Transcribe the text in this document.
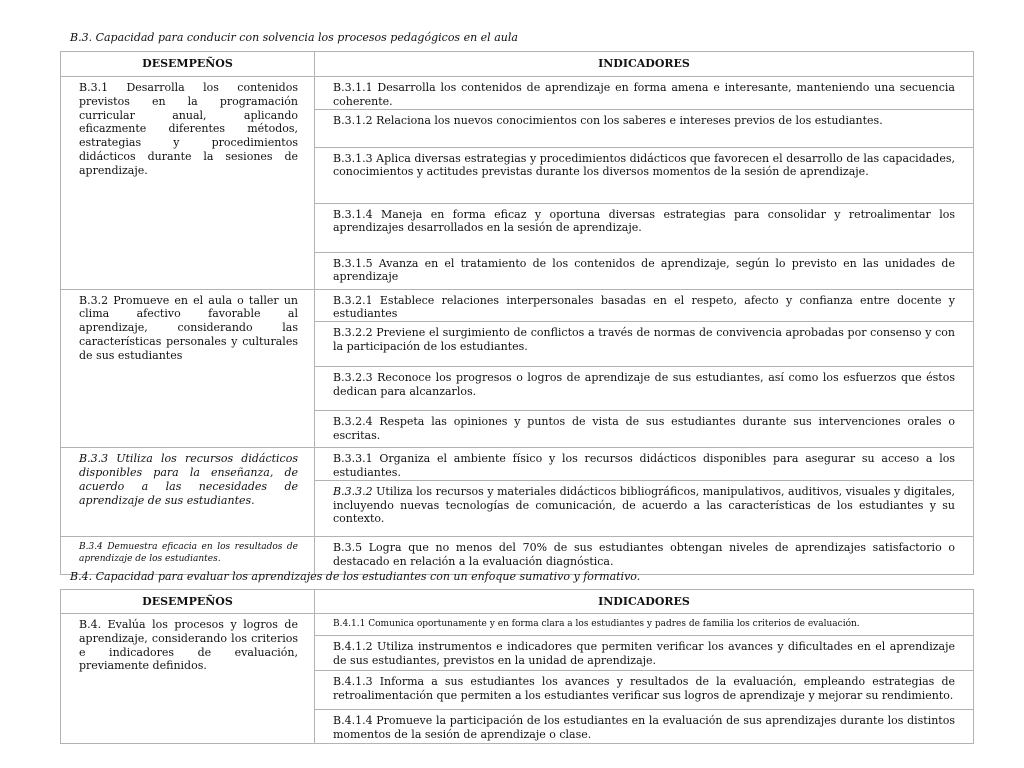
B.3. Capacidad para conducir con solvencia los procesos pedagógicos en el aula
DESEMPEÑOS	INDICADORES
B.3.1 Desarrolla los contenidos previstos en la programación curricular anual, aplicando eficazmente diferentes métodos, estrategias y procedimientos didácticos durante la sesiones de aprendizaje.	B.3.1.1 Desarrolla los contenidos de aprendizaje en forma amena e interesante, manteniendo una secuencia coherente.
	B.3.1.2 Relaciona los nuevos conocimientos con los saberes e intereses previos de los estudiantes.
	B.3.1.3 Aplica diversas estrategias y procedimientos didácticos que favorecen el desarrollo de las capacidades, conocimientos y actitudes previstas durante los diversos momentos de la sesión de aprendizaje.
	B.3.1.4 Maneja en forma eficaz y oportuna diversas estrategias para consolidar y retroalimentar los aprendizajes desarrollados en la sesión de aprendizaje.
	B.3.1.5 Avanza en el tratamiento de los contenidos de aprendizaje, según lo previsto en las unidades de aprendizaje
B.3.2 Promueve en el aula o taller un clima afectivo favorable al aprendizaje, considerando las características personales y culturales de sus estudiantes	B.3.2.1 Establece relaciones interpersonales basadas en el respeto, afecto y confianza entre docente y estudiantes
	B.3.2.2 Previene el surgimiento de conflictos a través de normas de convivencia aprobadas por consenso y con la participación de los estudiantes.
	B.3.2.3 Reconoce los progresos o logros de aprendizaje de sus estudiantes, así como los esfuerzos que éstos dedican para alcanzarlos.
	B.3.2.4 Respeta las opiniones y puntos de vista de sus estudiantes durante sus intervenciones orales o escritas.
B.3.3 Utiliza los recursos didácticos disponibles para la enseñanza, de acuerdo a las necesidades de aprendizaje de sus estudiantes.	B.3.3.1 Organiza el ambiente físico y los recursos didácticos disponibles para asegurar su acceso a los estudiantes.
	B.3.3.2 Utiliza los recursos y materiales didácticos bibliográficos, manipulativos, auditivos, visuales y digitales, incluyendo nuevas tecnologías de comunicación, de acuerdo a las características de los estudiantes y su contexto.
B.3.4 Demuestra eficacia en los resultados de aprendizaje de los estudiantes.	B.3.5 Logra que no menos del 70% de sus estudiantes obtengan niveles de aprendizajes satisfactorio o destacado en relación a la evaluación diagnóstica.
B.4. Capacidad para evaluar los aprendizajes de los estudiantes con un enfoque sumativo y formativo.
DESEMPEÑOS	INDICADORES
B.4. Evalúa los procesos y logros de aprendizaje, considerando los criterios e indicadores de evaluación, previamente definidos.	B.4.1.1 Comunica oportunamente y en forma clara a los estudiantes y padres de familia los criterios de evaluación.
	B.4.1.2 Utiliza instrumentos e indicadores que permiten verificar los avances y dificultades en el aprendizaje de sus estudiantes, previstos en la unidad de aprendizaje.
	B.4.1.3 Informa a sus estudiantes los avances y resultados de la evaluación, empleando estrategias de retroalimentación que permiten a los estudiantes verificar sus logros de aprendizaje y mejorar su rendimiento.
	B.4.1.4 Promueve la participación de los estudiantes en la evaluación de sus aprendizajes durante los distintos momentos de la sesión de aprendizaje o clase.
